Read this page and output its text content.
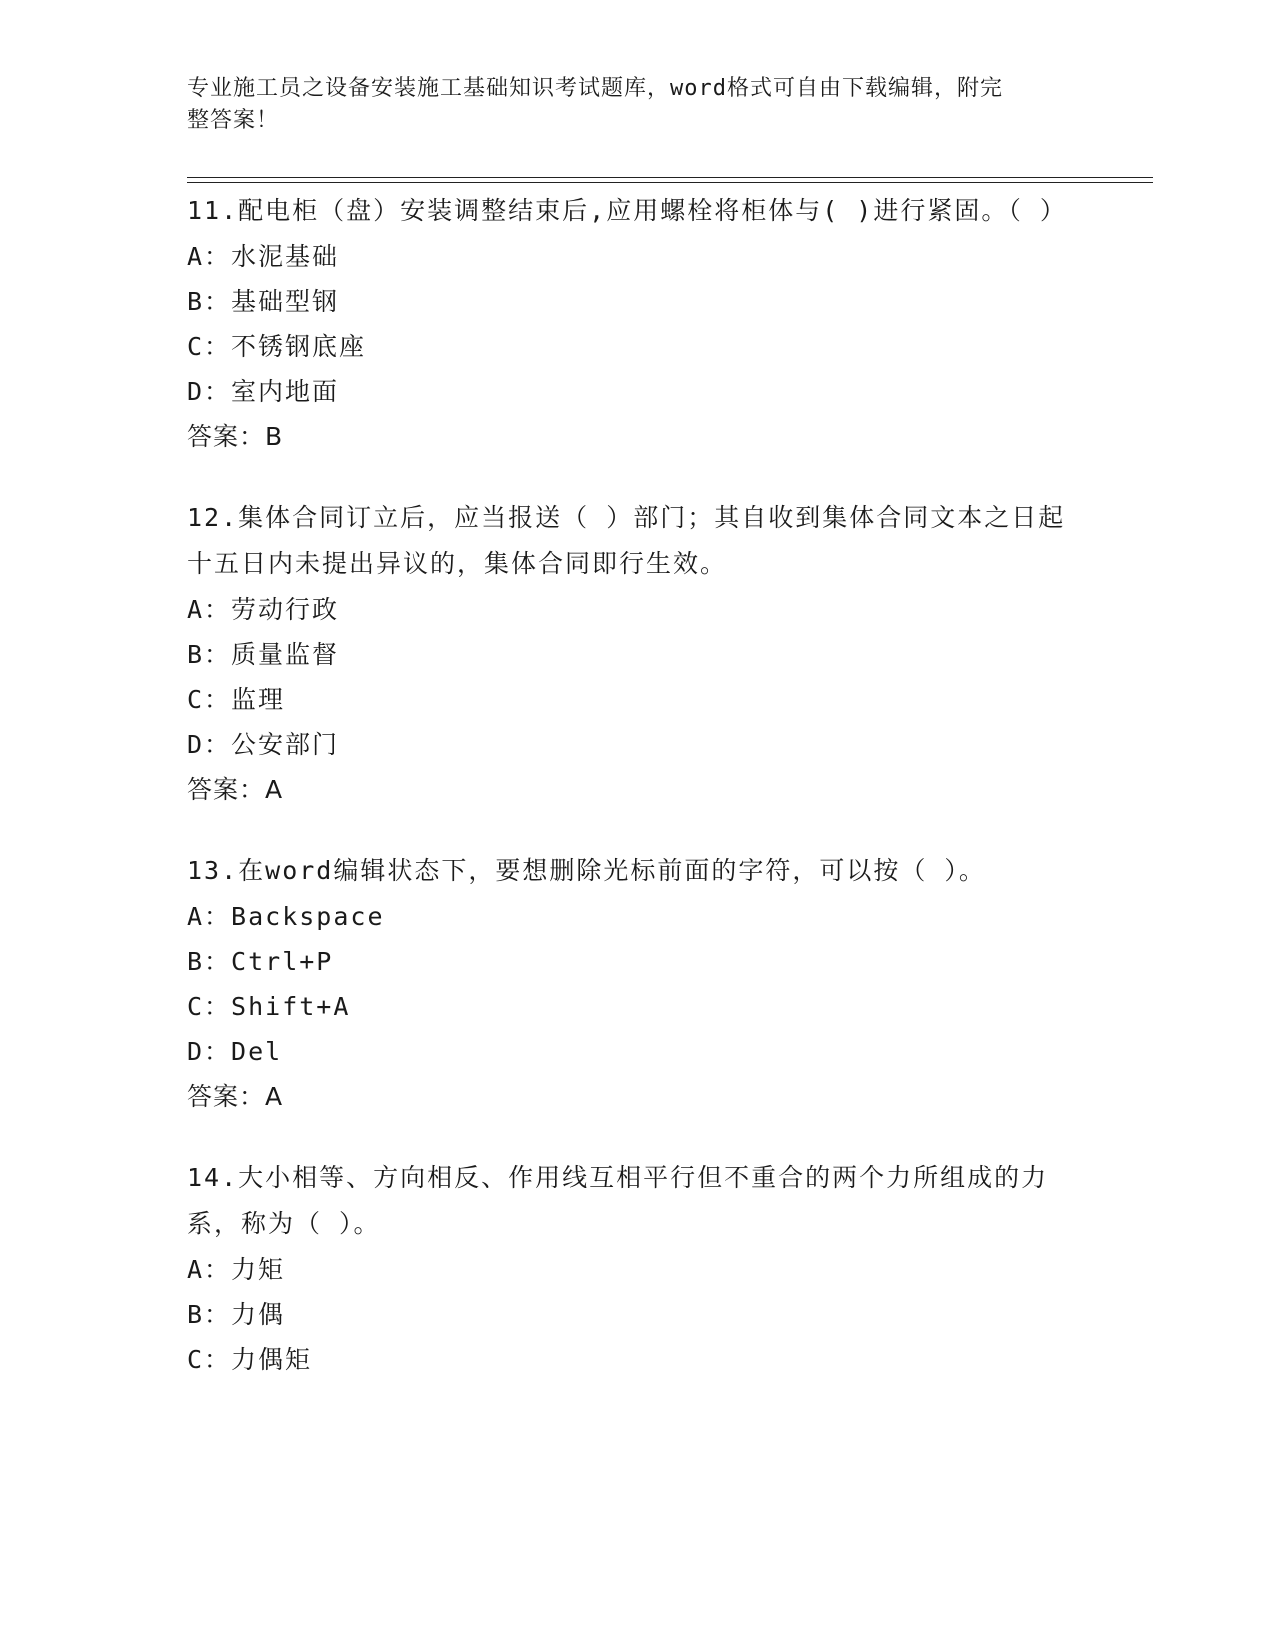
专业施工员之设备安装施工基础知识考试题库，word格式可自由下载编辑，附完
整答案！

11.配电柜（盘）安装调整结束后,应用螺栓将柜体与( )进行紧固。（ ）

A：水泥基础

B：基础型钢

C：不锈钢底座

D：室内地面

答案：B

12.集体合同订立后，应当报送（ ）部门；其自收到集体合同文本之日起十五日内未提出异议的，集体合同即行生效。

A：劳动行政

B：质量监督

C：监理

D：公安部门

答案：A

13.在word编辑状态下，要想删除光标前面的字符，可以按（ ）。

A：Backspace

B：Ctrl+P

C：Shift+A

D：Del

答案：A

14.大小相等、方向相反、作用线互相平行但不重合的两个力所组成的力系，称为（ ）。

A：力矩

B：力偶

C：力偶矩
